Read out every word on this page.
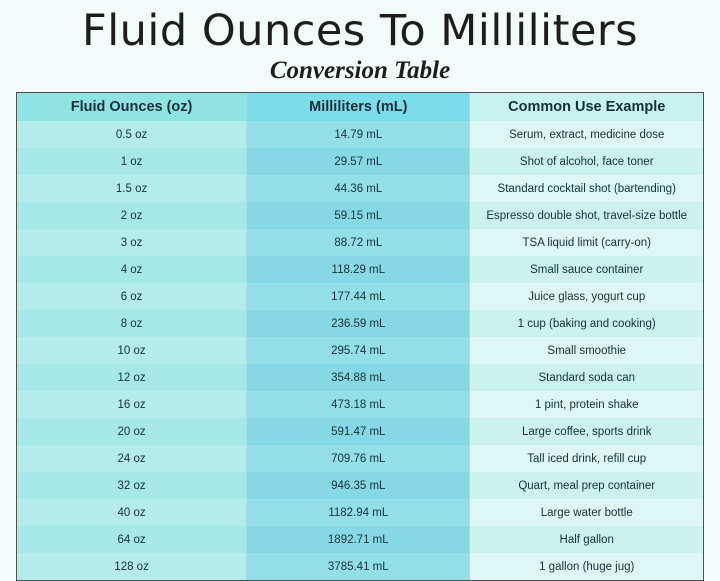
Fluid Ounces To Milliliters
Conversion Table
Fluid Ounces (oz)	Milliliters (mL)	Common Use Example
0.5 oz	14.79 mL	Serum, extract, medicine dose
1 oz	29.57 mL	Shot of alcohol, face toner
1.5 oz	44.36 mL	Standard cocktail shot (bartending)
2 oz	59.15 mL	Espresso double shot, travel-size bottle
3 oz	88.72 mL	TSA liquid limit (carry-on)
4 oz	118.29 mL	Small sauce container
6 oz	177.44 mL	Juice glass, yogurt cup
8 oz	236.59 mL	1 cup (baking and cooking)
10 oz	295.74 mL	Small smoothie
12 oz	354.88 mL	Standard soda can
16 oz	473.18 mL	1 pint, protein shake
20 oz	591.47 mL	Large coffee, sports drink
24 oz	709.76 mL	Tall iced drink, refill cup
32 oz	946.35 mL	Quart, meal prep container
40 oz	1182.94 mL	Large water bottle
64 oz	1892.71 mL	Half gallon
128 oz	3785.41 mL	1 gallon (huge jug)
